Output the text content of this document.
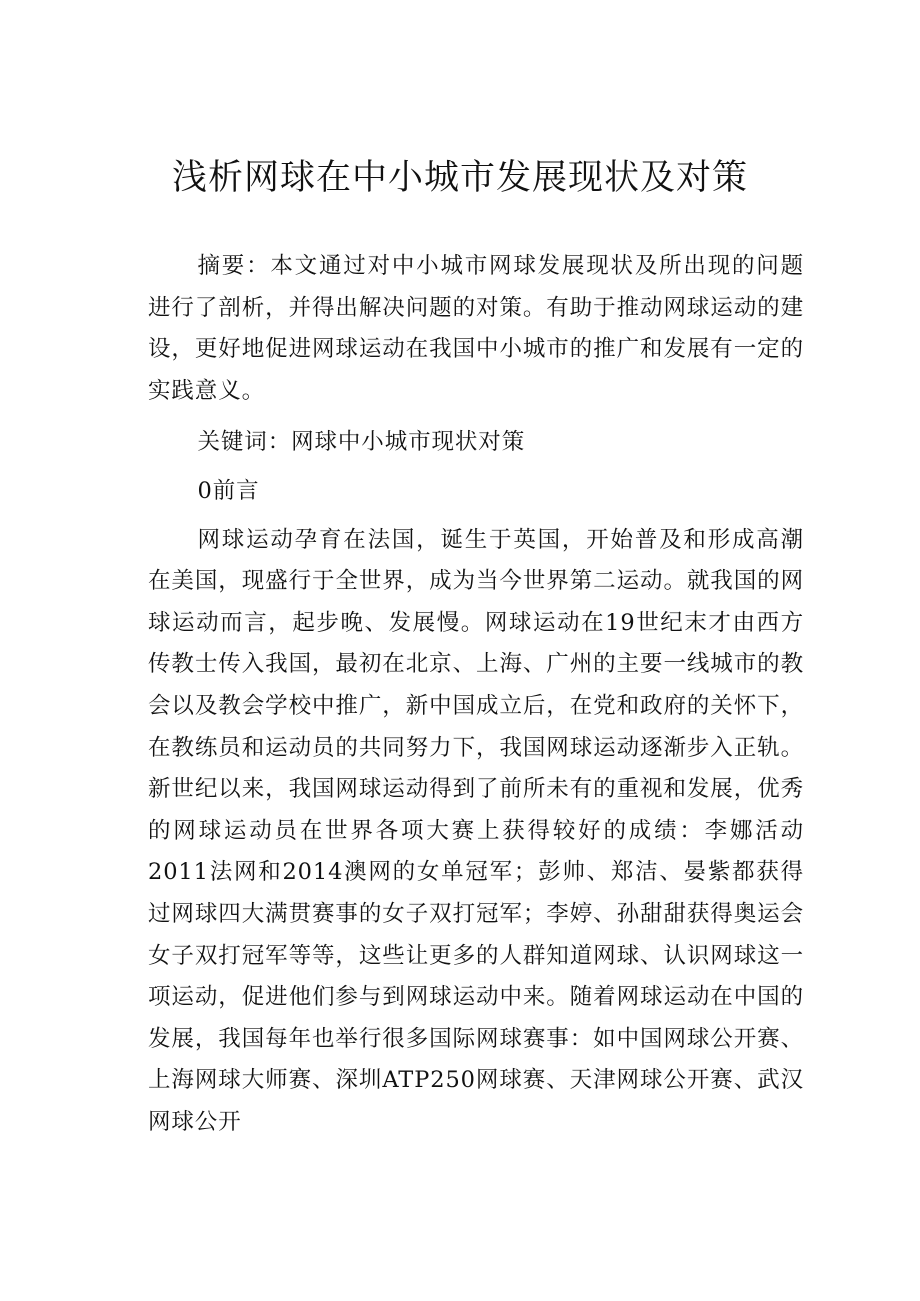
浅析网球在中小城市发展现状及对策

摘要：本文通过对中小城市网球发展现状及所出现的问题进行了剖析，并得出解决问题的对策。有助于推动网球运动的建设，更好地促进网球运动在我国中小城市的推广和发展有一定的实践意义。

关键词：网球中小城市现状对策

0前言

网球运动孕育在法国，诞生于英国，开始普及和形成高潮在美国，现盛行于全世界，成为当今世界第二运动。就我国的网球运动而言，起步晚、发展慢。网球运动在19世纪末才由西方传教士传入我国，最初在北京、上海、广州的主要一线城市的教会以及教会学校中推广，新中国成立后，在党和政府的关怀下，在教练员和运动员的共同努力下，我国网球运动逐渐步入正轨。新世纪以来，我国网球运动得到了前所未有的重视和发展，优秀的网球运动员在世界各项大赛上获得较好的成绩：李娜活动2011法网和2014澳网的女单冠军；彭帅、郑洁、晏紫都获得过网球四大满贯赛事的女子双打冠军；李婷、孙甜甜获得奥运会女子双打冠军等等，这些让更多的人群知道网球、认识网球这一项运动，促进他们参与到网球运动中来。随着网球运动在中国的发展，我国每年也举行很多国际网球赛事：如中国网球公开赛、上海网球大师赛、深圳ATP250网球赛、天津网球公开赛、武汉网球公开
